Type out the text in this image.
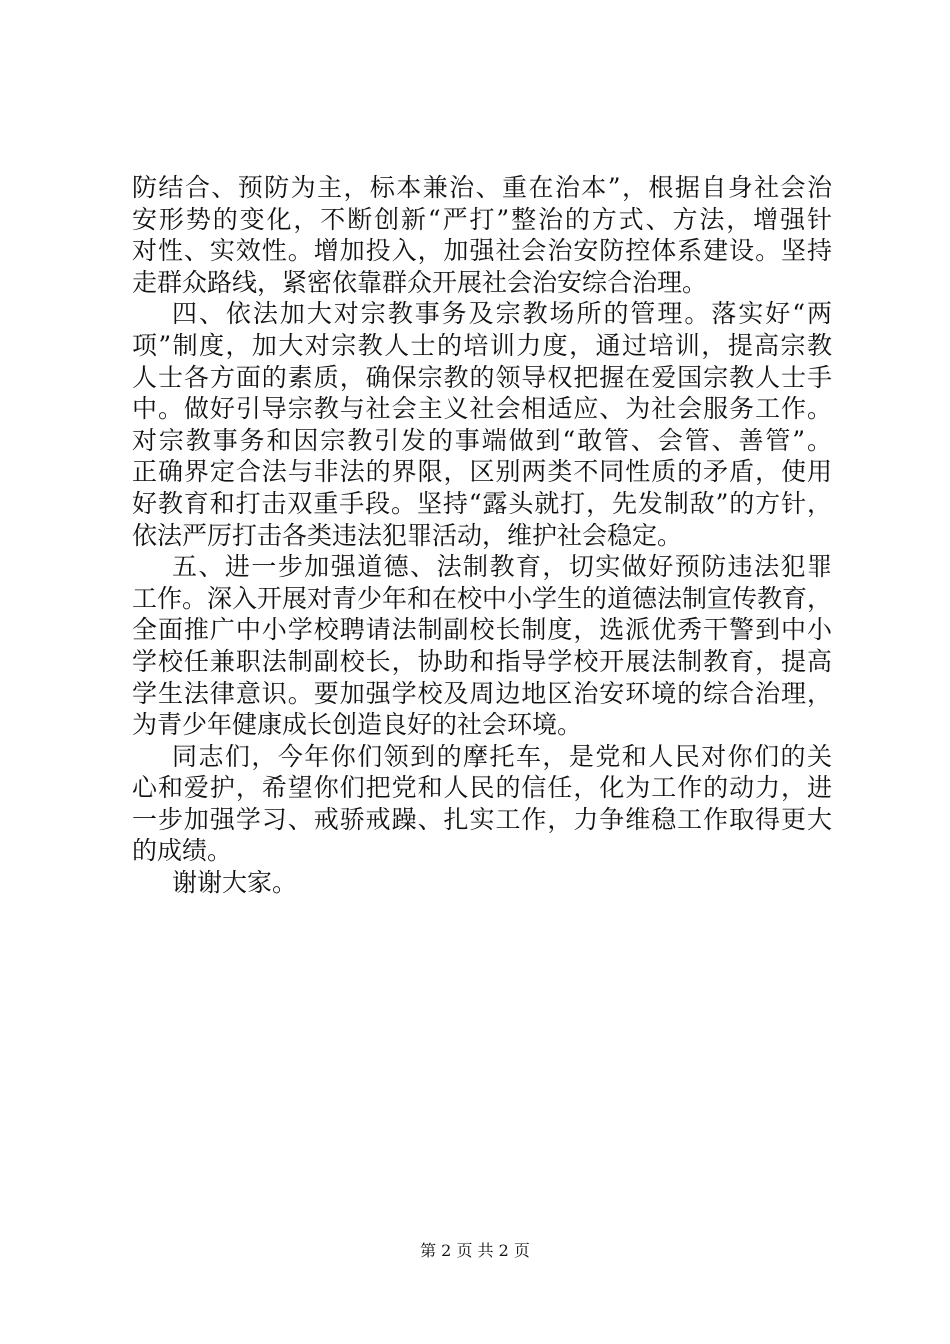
防结合、预防为主，标本兼治、重在治本”，根据自身社会治
安形势的变化，不断创新“严打”整治的方式、方法，增强针
对性、实效性。增加投入，加强社会治安防控体系建设。坚持
走群众路线，紧密依靠群众开展社会治安综合治理。
四、依法加大对宗教事务及宗教场所的管理。落实好“两
项”制度，加大对宗教人士的培训力度，通过培训，提高宗教
人士各方面的素质，确保宗教的领导权把握在爱国宗教人士手
中。做好引导宗教与社会主义社会相适应、为社会服务工作。
对宗教事务和因宗教引发的事端做到“敢管、会管、善管”。
正确界定合法与非法的界限，区别两类不同性质的矛盾，使用
好教育和打击双重手段。坚持“露头就打，先发制敌”的方针，
依法严厉打击各类违法犯罪活动，维护社会稳定。
五、进一步加强道德、法制教育，切实做好预防违法犯罪
工作。深入开展对青少年和在校中小学生的道德法制宣传教育，
全面推广中小学校聘请法制副校长制度，选派优秀干警到中小
学校任兼职法制副校长，协助和指导学校开展法制教育，提高
学生法律意识。要加强学校及周边地区治安环境的综合治理，
为青少年健康成长创造良好的社会环境。
同志们，今年你们领到的摩托车，是党和人民对你们的关
心和爱护，希望你们把党和人民的信任，化为工作的动力，进
一步加强学习、戒骄戒躁、扎实工作，力争维稳工作取得更大
的成绩。
谢谢大家。
第 2 页 共 2 页
